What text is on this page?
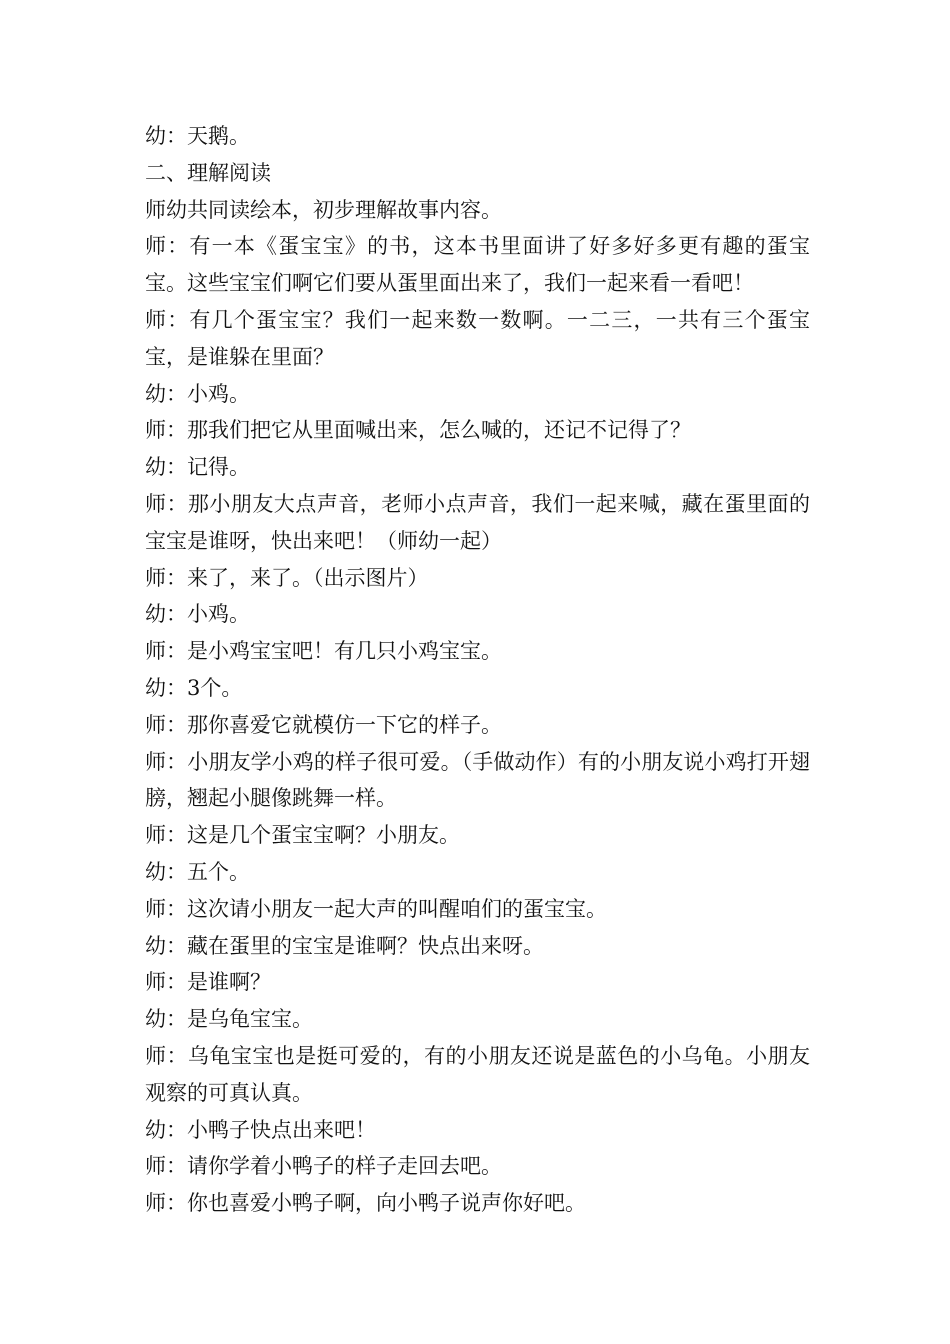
幼：天鹅。

二、理解阅读

师幼共同读绘本，初步理解故事内容。

师：有一本《蛋宝宝》的书，这本书里面讲了好多好多更有趣的蛋宝宝。这些宝宝们啊它们要从蛋里面出来了，我们一起来看一看吧！

师：有几个蛋宝宝？我们一起来数一数啊。一二三，一共有三个蛋宝宝，是谁躲在里面？

幼：小鸡。

师：那我们把它从里面喊出来，怎么喊的，还记不记得了？

幼：记得。

师：那小朋友大点声音，老师小点声音，我们一起来喊，藏在蛋里面的宝宝是谁呀，快出来吧！（师幼一起）

师：来了，来了。（出示图片）

幼：小鸡。

师：是小鸡宝宝吧！有几只小鸡宝宝。

幼：3个。

师：那你喜爱它就模仿一下它的样子。

师：小朋友学小鸡的样子很可爱。（手做动作）有的小朋友说小鸡打开翅膀，翘起小腿像跳舞一样。

师：这是几个蛋宝宝啊？小朋友。

幼：五个。

师：这次请小朋友一起大声的叫醒咱们的蛋宝宝。

幼：藏在蛋里的宝宝是谁啊？快点出来呀。

师：是谁啊？

幼：是乌龟宝宝。

师：乌龟宝宝也是挺可爱的，有的小朋友还说是蓝色的小乌龟。小朋友观察的可真认真。

幼：小鸭子快点出来吧！

师：请你学着小鸭子的样子走回去吧。

师：你也喜爱小鸭子啊，向小鸭子说声你好吧。
